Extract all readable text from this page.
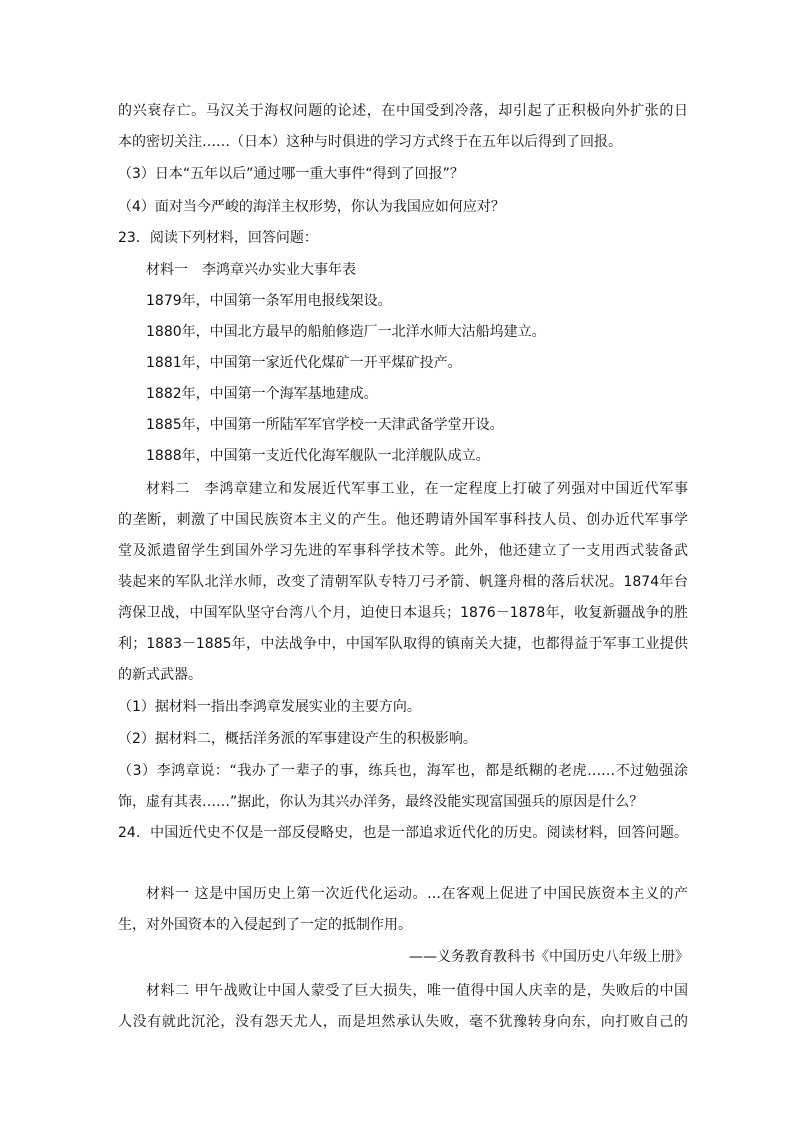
的兴衰存亡。马汉关于海权问题的论述，在中国受到冷落，却引起了正积极向外扩张的日
本的密切关注……（日本）这种与时俱进的学习方式终于在五年以后得到了回报。
（3）日本“五年以后”通过哪一重大事件“得到了回报”？
（4）面对当今严峻的海洋主权形势，你认为我国应如何应对？
23．阅读下列材料，回答问题：
材料一　李鸿章兴办实业大事年表
1879年，中国第一条军用电报线架设。
1880年，中国北方最早的船舶修造厂一北洋水师大沽船坞建立。
1881年，中国第一家近代化煤矿一开平煤矿投产。
1882年，中国第一个海军基地建成。
1885年，中国第一所陆军军官学校一天津武备学堂开设。
1888年，中国第一支近代化海军舰队一北洋舰队成立。
材料二　李鸿章建立和发展近代军事工业，在一定程度上打破了列强对中国近代军事
的垄断，刺激了中国民族资本主义的产生。他还聘请外国军事科技人员、创办近代军事学
堂及派遣留学生到国外学习先进的军事科学技术等。此外，他还建立了一支用西式装备武
装起来的军队北洋水师，改变了清朝军队专特刀弓矛箭、帆篷舟楫的落后状况。1874年台
湾保卫战，中国军队坚守台湾八个月，迫使日本退兵；1876－1878年，收复新疆战争的胜
利；1883－1885年，中法战争中，中国军队取得的镇南关大捷，也都得益于军事工业提供
的新式武器。
（1）据材料一指出李鸿章发展实业的主要方向。
（2）据材料二，概括洋务派的军事建设产生的积极影响。
（3）李鸿章说：“我办了一辈子的事，练兵也，海军也，都是纸糊的老虎……不过勉强涂
饰，虚有其表……”据此，你认为其兴办洋务，最终没能实现富国强兵的原因是什么？
24．中国近代史不仅是一部反侵略史，也是一部追求近代化的历史。阅读材料，回答问题。
材料一 这是中国历史上第一次近代化运动。…在客观上促进了中国民族资本主义的产
生，对外国资本的入侵起到了一定的抵制作用。
——义务教育教科书《中国历史八年级上册》
材料二 甲午战败让中国人蒙受了巨大损失，唯一值得中国人庆幸的是，失败后的中国
人没有就此沉沦，没有怨天尤人，而是坦然承认失败，毫不犹豫转身向东，向打败自己的
